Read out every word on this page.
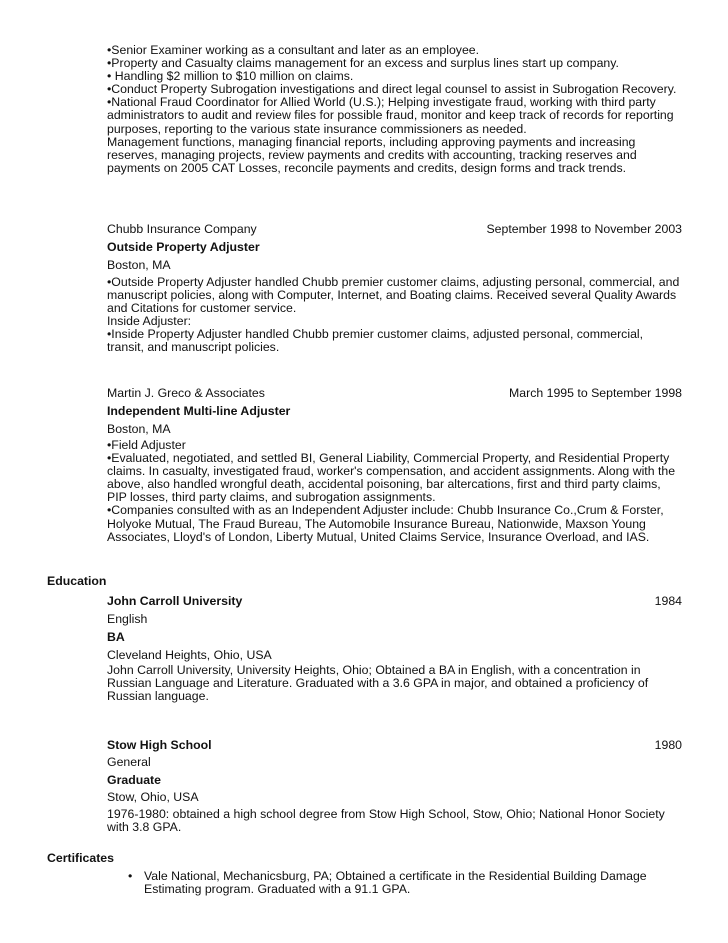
•Senior Examiner working as a consultant and later as an employee.

•Property and Casualty claims management for an excess and surplus lines start up company.

• Handling $2 million to $10 million on claims.

•Conduct Property Subrogation investigations and direct legal counsel to assist in Subrogation Recovery.

•National Fraud Coordinator for Allied World (U.S.); Helping investigate fraud, working with third party administrators to audit and review files for possible fraud, monitor and keep track of records for reporting purposes, reporting to the various state insurance commissioners as needed.

Management functions, managing financial reports, including approving payments and increasing reserves, managing projects, review payments and credits with accounting, tracking reserves and payments on 2005 CAT Losses, reconcile payments and credits, design forms and track trends.

Chubb Insurance Company	September 1998 to November 2003
Outside Property Adjuster
Boston, MA

•Outside Property Adjuster handled Chubb premier customer claims, adjusting personal, commercial, and manuscript policies, along with Computer, Internet, and Boating claims. Received several Quality Awards and Citations for customer service.

Inside Adjuster:

•Inside Property Adjuster handled Chubb premier customer claims, adjusted personal, commercial, transit, and manuscript policies.

Martin J. Greco & Associates	March 1995 to September 1998
Independent Multi-line Adjuster
Boston, MA

•Field Adjuster

•Evaluated, negotiated, and settled BI, General Liability, Commercial Property, and Residential Property claims. In casualty, investigated fraud, worker's compensation, and accident assignments. Along with the above, also handled wrongful death, accidental poisoning, bar altercations, first and third party claims, PIP losses, third party claims, and subrogation assignments.

•Companies consulted with as an Independent Adjuster include: Chubb Insurance Co.,Crum & Forster, Holyoke Mutual, The Fraud Bureau, The Automobile Insurance Bureau, Nationwide, Maxson Young Associates, Lloyd's of London, Liberty Mutual, United Claims Service, Insurance Overload, and IAS.

Education
John Carroll University	1984
English
BA
Cleveland Heights, Ohio, USA
John Carroll University, University Heights, Ohio; Obtained a BA in English, with a concentration in Russian Language and Literature. Graduated with a 3.6 GPA in major, and obtained a proficiency of Russian language.
Stow High School	1980
General
Graduate
Stow, Ohio, USA
1976-1980: obtained a high school degree from Stow High School, Stow, Ohio; National Honor Society with 3.8 GPA.
Certificates
• Vale National, Mechanicsburg, PA; Obtained a certificate in the Residential Building Damage Estimating program. Graduated with a 91.1 GPA.
